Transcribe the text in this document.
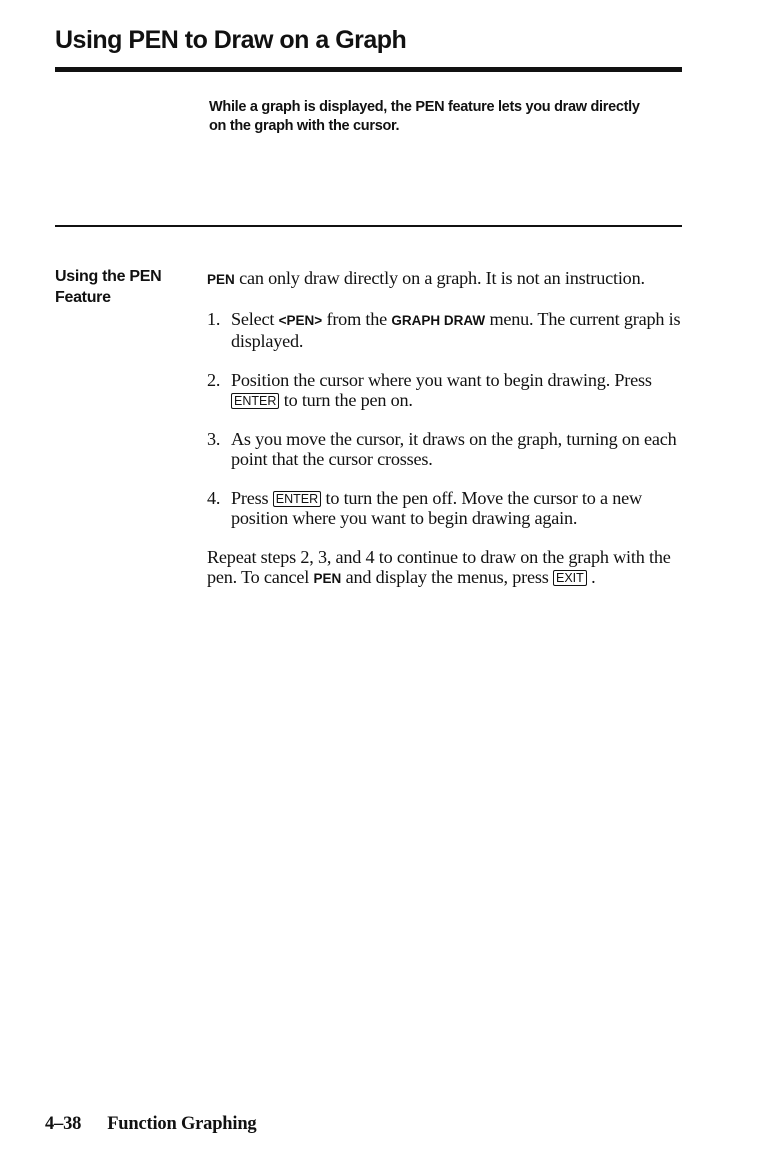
Using PEN to Draw on a Graph
While a graph is displayed, the PEN feature lets you draw directly on the graph with the cursor.
Using the PEN
Feature

PEN can only draw directly on a graph. It is not an instruction.

1. Select <PEN> from the GRAPH DRAW menu. The current graph is displayed.
2. Position the cursor where you want to begin drawing. Press ENTER to turn the pen on.
3. As you move the cursor, it draws on the graph, turning on each point that the cursor crosses.
4. Press ENTER to turn the pen off. Move the cursor to a new position where you want to begin drawing again.

Repeat steps 2, 3, and 4 to continue to draw on the graph with the pen. To cancel PEN and display the menus, press EXIT .

4–38 Function Graphing
